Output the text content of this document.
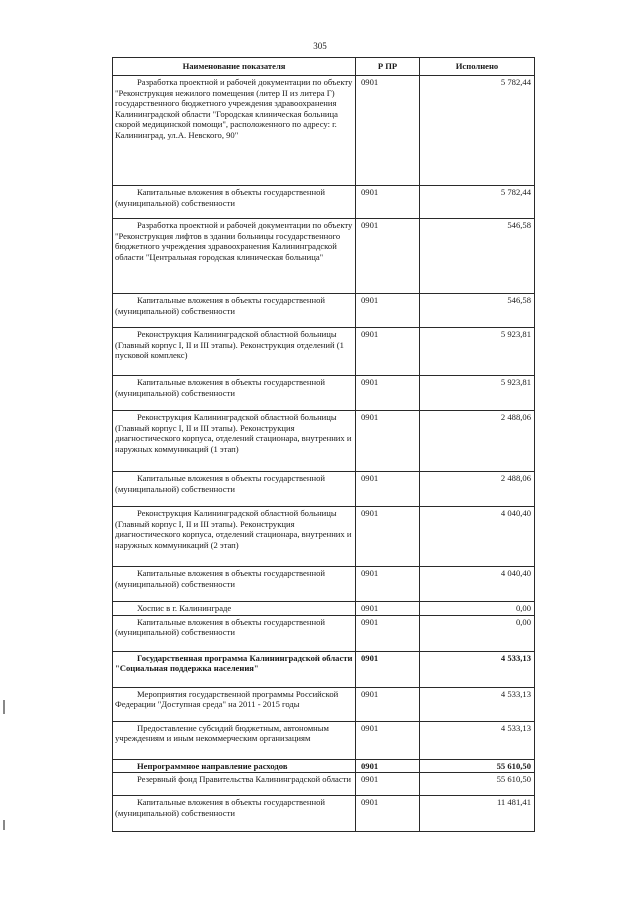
305
Наименование показателя	Р ПР	Исполнено
Разработка проектной и рабочей документации по объекту "Реконструкция нежилого помещения (литер II из литера Г) государственного бюджетного учреждения здравоохранения Калининградской области "Городская клиническая больница скорой медицинской помощи", расположенного по адресу: г. Калининград, ул.А. Невского, 90"	0901	5 782,44
Капитальные вложения в объекты государственной (муниципальной) собственности	0901	5 782,44
Разработка проектной и рабочей документации по объекту "Реконструкция лифтов в здании больницы государственного бюджетного учреждения здравоохранения Калининградской области "Центральная городская клиническая больница"	0901	546,58
Капитальные вложения в объекты государственной (муниципальной) собственности	0901	546,58
Реконструкция Калининградской областной больницы (Главный корпус I, II и III этапы). Реконструкция отделений (1 пусковой комплекс)	0901	5 923,81
Капитальные вложения в объекты государственной (муниципальной) собственности	0901	5 923,81
Реконструкция Калининградской областной больницы (Главный корпус I, II и III этапы). Реконструкция диагностического корпуса, отделений стационара, внутренних и наружных коммуникаций (1 этап)	0901	2 488,06
Капитальные вложения в объекты государственной (муниципальной) собственности	0901	2 488,06
Реконструкция Калининградской областной больницы (Главный корпус I, II и III этапы). Реконструкция диагностического корпуса, отделений стационара, внутренних и наружных коммуникаций (2 этап)	0901	4 040,40
Капитальные вложения в объекты государственной (муниципальной) собственности	0901	4 040,40
Хоспис в г. Калининграде	0901	0,00
Капитальные вложения в объекты государственной (муниципальной) собственности	0901	0,00
Государственная программа Калининградской области "Социальная поддержка населения"	0901	4 533,13
Мероприятия государственной программы Российской Федерации "Доступная среда" на 2011 - 2015 годы	0901	4 533,13
Предоставление субсидий бюджетным, автономным учреждениям и иным некоммерческим организациям	0901	4 533,13
Непрограммное направление расходов	0901	55 610,50
Резервный фонд Правительства Калининградской области	0901	55 610,50
Капитальные вложения в объекты государственной (муниципальной) собственности	0901	11 481,41
